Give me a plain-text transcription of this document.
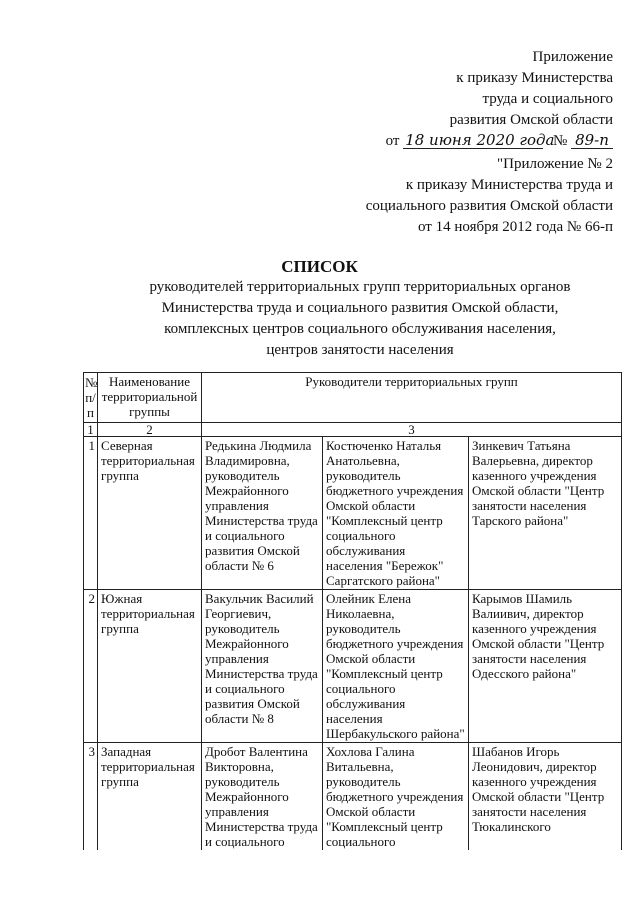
Приложение
к приказу Министерства
труда и социального
развития Омской области
от 18 июня 2020 года № 89-п
"Приложение № 2
к приказу Министерства труда и
социального развития Омской области
от 14 ноября 2012 года № 66-п
СПИСОК
руководителей территориальных групп территориальных органов
Министерства труда и социального развития Омской области,
комплексных центров социального обслуживания населения,
центров занятости населения
№ п/п	Наименование территориальной группы	Руководители территориальных групп		
1	2	3		
1	Северная территориальная группа	Редькина Людмила Владимировна, руководитель Межрайонного управления Министерства труда и социального развития Омской области № 6	Костюченко Наталья Анатольевна, руководитель бюджетного учреждения Омской области "Комплексный центр социального обслуживания населения "Бережок" Саргатского района"	Зинкевич Татьяна Валерьевна, директор казенного учреждения Омской области "Центр занятости населения Тарского района"
2	Южная территориальная группа	Вакульчик Василий Георгиевич, руководитель Межрайонного управления Министерства труда и социального развития Омской области № 8	Олейник Елена Николаевна, руководитель бюджетного учреждения Омской области "Комплексный центр социального обслуживания населения Шербакульского района"	Карымов Шамиль Валиивич, директор казенного учреждения Омской области "Центр занятости населения Одесского района"
3	Западная территориальная группа	Дробот Валентина Викторовна, руководитель Межрайонного управления Министерства труда и социального	Хохлова Галина Витальевна, руководитель бюджетного учреждения Омской области "Комплексный центр социального	Шабанов Игорь Леонидович, директор казенного учреждения Омской области "Центр занятости населения Тюкалинского
